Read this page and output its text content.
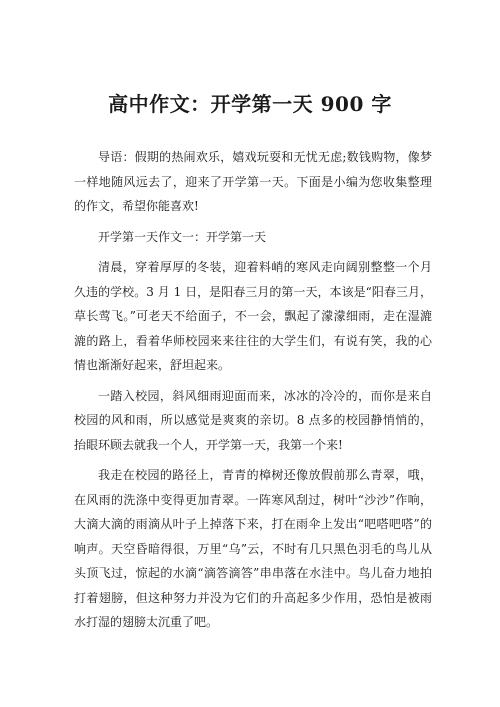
高中作文：开学第一天 900 字

导语：假期的热闹欢乐，嬉戏玩耍和无忧无虑;数钱购物，像梦一样地随风远去了，迎来了开学第一天。下面是小编为您收集整理的作文，希望你能喜欢!

开学第一天作文一：开学第一天

清晨，穿着厚厚的冬装，迎着料峭的寒风走向阔别整整一个月久违的学校。3 月 1 日，是阳春三月的第一天，本该是“阳春三月，草长莺飞。”可老天不给面子，不一会，飘起了濛濛细雨，走在湿漉漉的路上，看着华师校园来来往往的大学生们，有说有笑，我的心情也渐渐好起来，舒坦起来。

一踏入校园，斜风细雨迎面而来，冰冰的冷冷的，而你是来自校园的风和雨，所以感觉是爽爽的亲切。8 点多的校园静悄悄的，抬眼环顾去就我一个人，开学第一天，我第一个来!

我走在校园的路径上，青青的樟树还像放假前那么青翠，哦，在风雨的洗涤中变得更加青翠。一阵寒风刮过，树叶“沙沙”作响，大滴大滴的雨滴从叶子上掉落下来，打在雨伞上发出“吧嗒吧嗒”的响声。天空昏暗得很，万里“乌”云，不时有几只黑色羽毛的鸟儿从头顶飞过，惊起的水滴“滴答滴答”串串落在水洼中。鸟儿奋力地拍打着翅膀，但这种努力并没为它们的升高起多少作用，恐怕是被雨水打湿的翅膀太沉重了吧。
